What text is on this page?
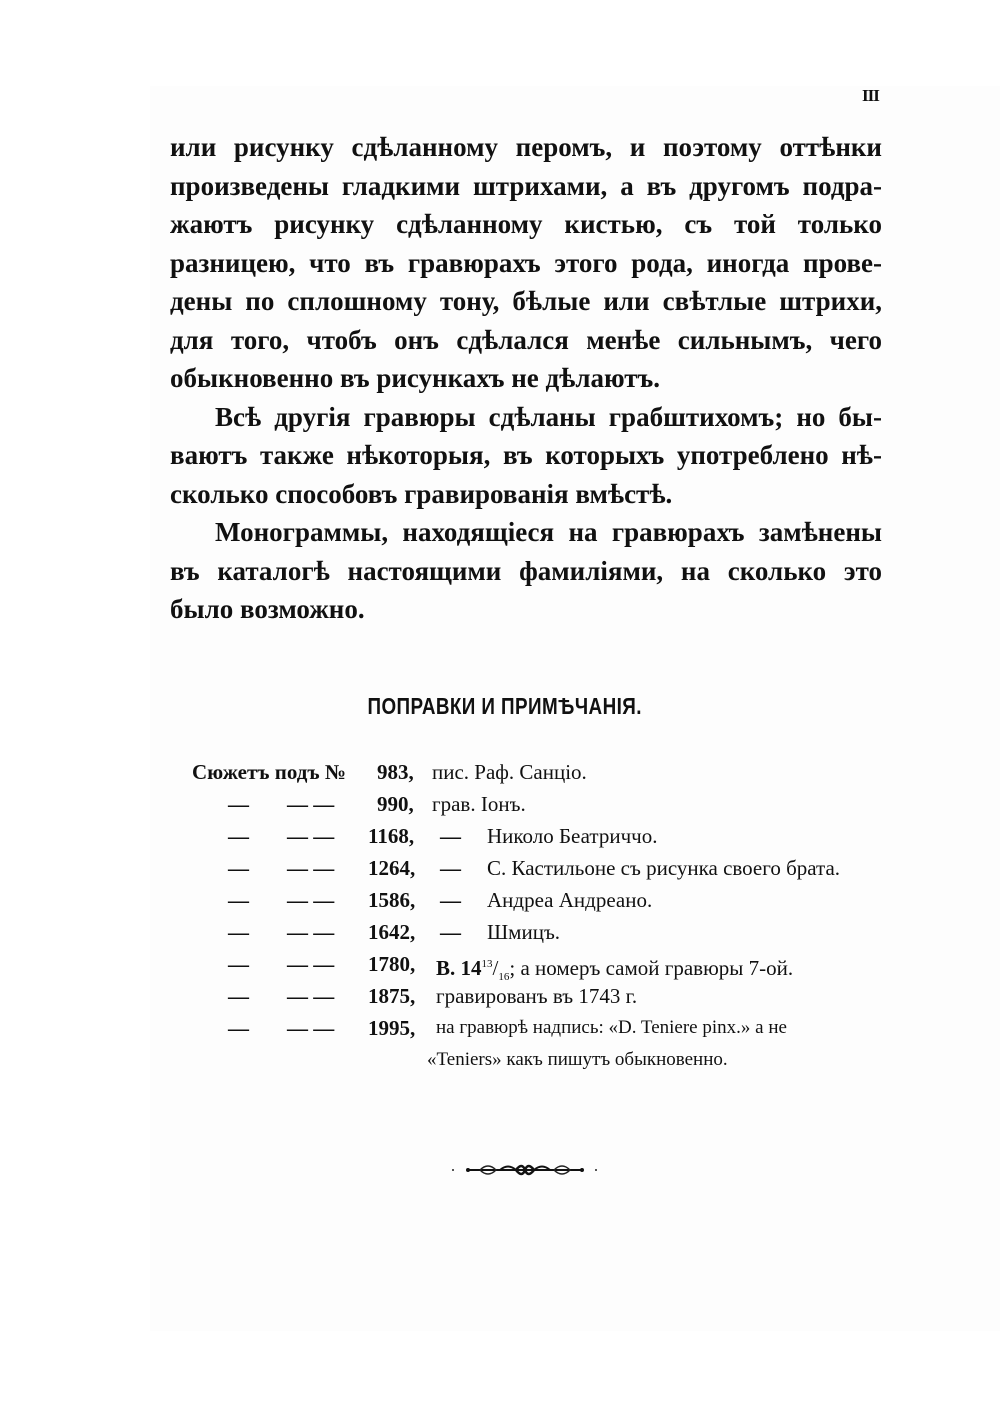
III
или рисунку сдѣланному перомъ, и поэтому оттѣнки
произведены гладкими штрихами, а въ другомъ подра-
жаютъ рисунку сдѣланному кистью, съ той только
разницею, что въ гравюрахъ этого рода, иногда прове-
дены по сплошному тону, бѣлые или свѣтлые штрихи,
для того, чтобъ онъ сдѣлался менѣе сильнымъ, чего
обыкновенно въ рисункахъ не дѣлаютъ.
Всѣ другія гравюры сдѣланы грабштихомъ; но бы-
ваютъ также нѣкоторыя, въ которыхъ употреблено нѣ-
сколько способовъ гравированія вмѣстѣ.
Монограммы, находящіеся на гравюрахъ замѣнены
въ каталогѣ настоящими фамиліями, на сколько это
было возможно.
ПОПРАВКИ И ПРИМѢЧАНІЯ.
Сюжетъ подъ № 983, пис. Раф. Санціо.
— — — 990, грав. Іонъ.
— — — 1168, — Николо Беатриччо.
— — — 1264, — С. Кастильоне съ рисунка своего брата.
— — — 1586, — Андреа Андреано.
— — — 1642, — Шмицъ.
— — — 1780, В. $14^{13}/_{16}$; а номеръ самой гравюры 7-ой.
— — — 1875, гравированъ въ 1743 г.
— — — 1995, на гравюрѣ надпись: «D. Teniere pinx.» а не
«Teniers» какъ пишутъ обыкновенно.
